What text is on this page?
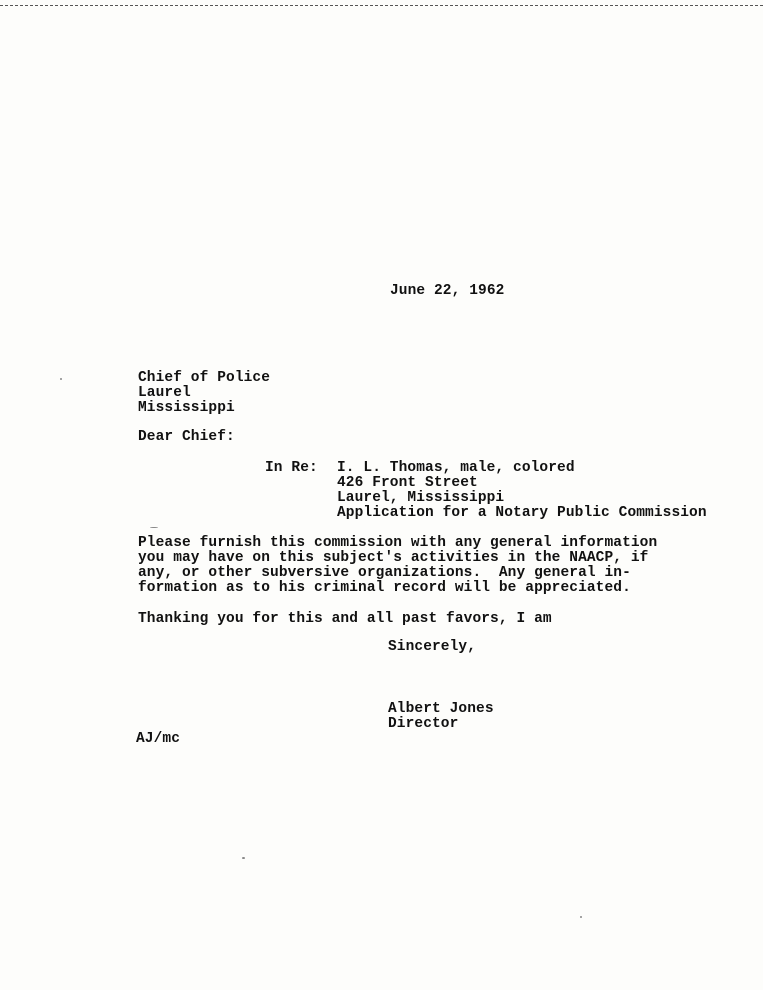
June 22, 1962
Chief of Police
Laurel
Mississippi
Dear Chief:
In Re: I. L. Thomas, male, colored
426 Front Street
Laurel, Mississippi
Application for a Notary Public Commission
Please furnish this commission with any general information
you may have on this subject's activities in the NAACP, if
any, or other subversive organizations.  Any general in-
formation as to his criminal record will be appreciated.
Thanking you for this and all past favors, I am
Sincerely,
Albert Jones
Director
AJ/mc
